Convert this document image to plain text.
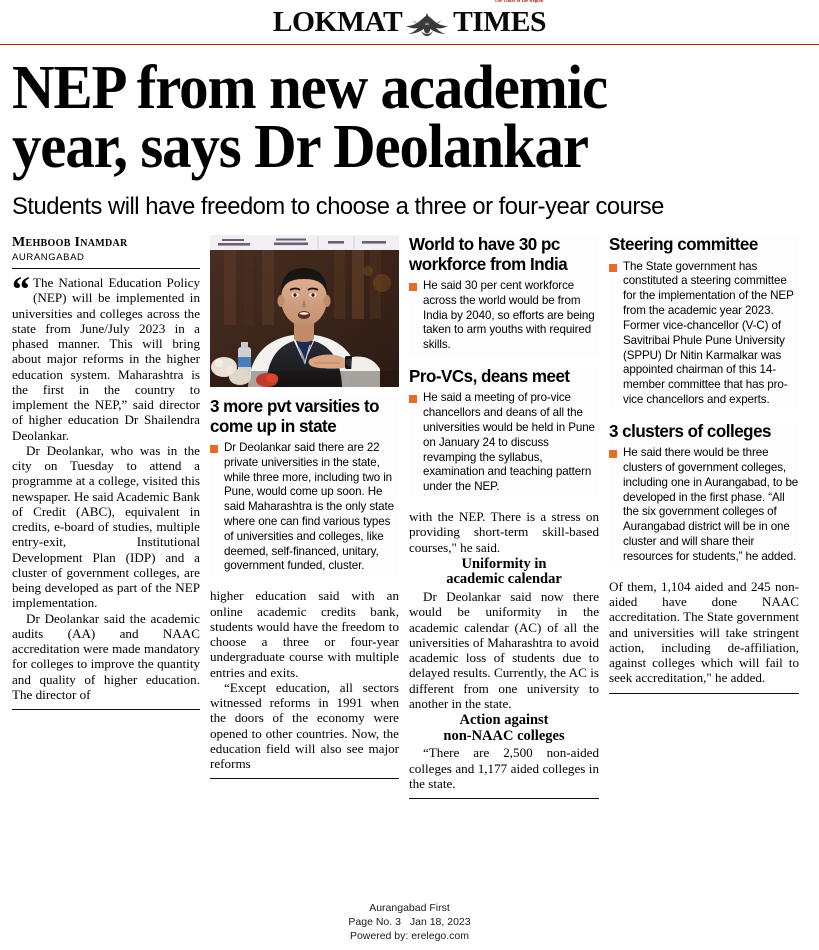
LOKMAT TIMES
The Times of the Region
NEP from new academic
year, says Dr Deolankar
Students will have freedom to choose a three or four-year course
Mehboob Inamdar
AURANGABAD

“ The National Education Policy (NEP) will be implemented in universities and colleges across the state from June/July 2023 in a phased manner. This will bring about major reforms in the higher education system. Maharashtra is the first in the country to implement the NEP,” said director of higher education Dr Shailendra Deolankar.

Dr Deolankar, who was in the city on Tuesday to attend a programme at a college, visited this newspaper. He said Academic Bank of Credit (ABC), equivalent in credits, e-board of studies, multiple entry-exit, Institutional Development Plan (IDP) and a cluster of government colleges, are being developed as part of the NEP implementation.

Dr Deolankar said the academic audits (AA) and NAAC accreditation were made mandatory for colleges to improve the quantity and quality of higher education. The director of

3 more pvt varsities to come up in state
Dr Deolankar said there are 22 private universities in the state, while three more, including two in Pune, would come up soon. He said Maharashtra is the only state where one can find various types of universities and colleges, like deemed, self-financed, unitary, government funded, cluster.

higher education said with an online academic credits bank, students would have the freedom to choose a three or four-year undergraduate course with multiple entries and exits.

“Except education, all sectors witnessed reforms in 1991 when the doors of the economy were opened to other countries. Now, the education field will also see major reforms

World to have 30 pc workforce from India
He said 30 per cent workforce across the world would be from India by 2040, so efforts are being taken to arm youths with required skills.
Pro-VCs, deans meet
He said a meeting of pro-vice chancellors and deans of all the universities would be held in Pune on January 24 to discuss revamping the syllabus, examination and teaching pattern under the NEP.

with the NEP. There is a stress on providing short-term skill-based courses," he said.

Uniformity in
academic calendar

Dr Deolankar said now there would be uniformity in the academic calendar (AC) of all the universities of Maharashtra to avoid academic loss of students due to delayed results. Currently, the AC is different from one university to another in the state.

Action against
non-NAAC colleges

“There are 2,500 non-aided colleges and 1,177 aided colleges in the state.

Steering committee
The State government has constituted a steering committee for the implementation of the NEP from the academic year 2023. Former vice-chancellor (V-C) of Savitribai Phule Pune University (SPPU) Dr Nitin Karmalkar was appointed chairman of this 14-member committee that has pro-vice chancellors and experts.
3 clusters of colleges
He said there would be three clusters of government colleges, including one in Aurangabad, to be developed in the first phase. “All the six government colleges of Aurangabad district will be in one cluster and will share their resources for students,” he added.

Of them, 1,104 aided and 245 non-aided have done NAAC accreditation. The State government and universities will take stringent action, including de-affiliation, against colleges which will fail to seek accreditation," he added.

Aurangabad First
Page No. 3 Jan 18, 2023
Powered by: erelego.com
